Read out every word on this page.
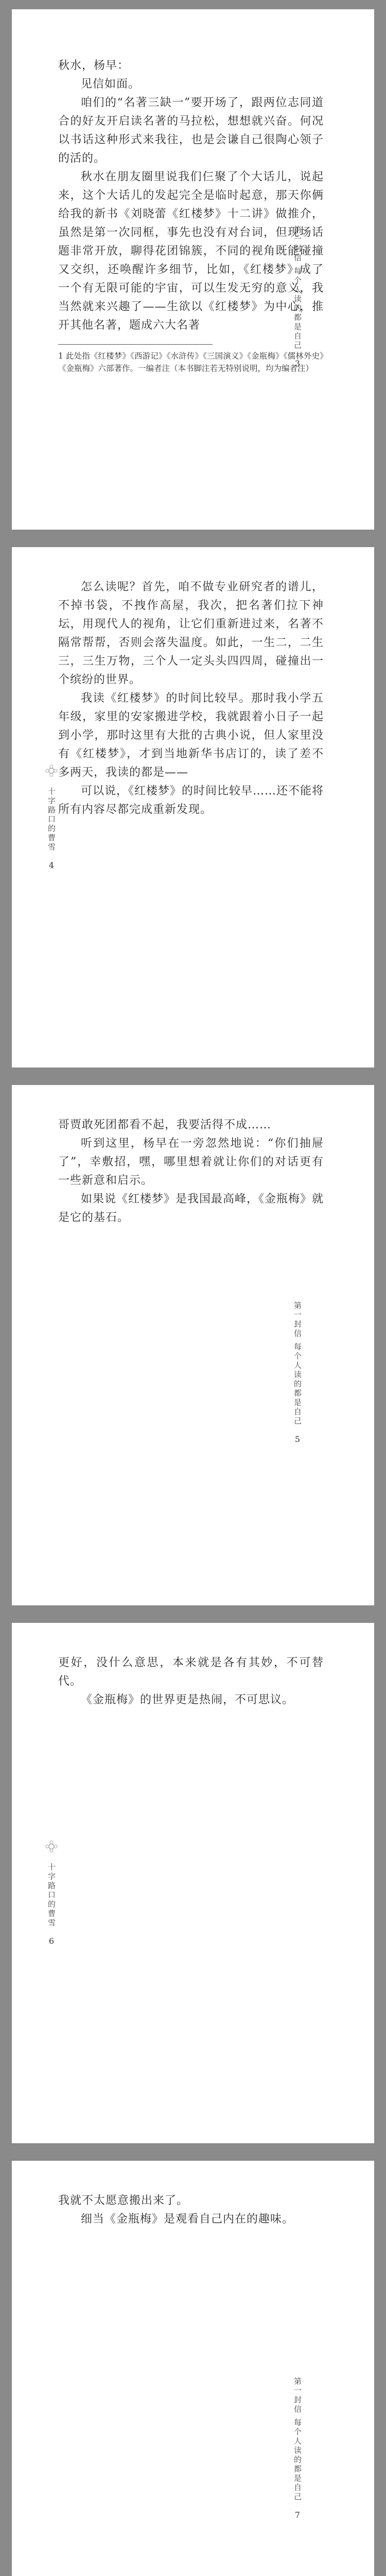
秋水，杨早：

见信如面。

咱们的“名著三缺一”要开场了，跟两位志同道合的好友开启读名著的马拉松，想想就兴奋。何况以书话这种形式来我往，也是会谦自己很陶心领子的活的。

秋水在朋友圈里说我们仨聚了个大话儿，说起来，这个大话儿的发起完全是临时起意，那天你俩给我的新书《刘晓蕾《红楼梦》十二讲》做推介，虽然是第一次同框，事先也没有对台词，但现场话题非常开放，聊得花团锦簇，不同的视角既能碰撞又交织，还唤醒许多细节，比如，《红楼梦》成了一个有无限可能的宇宙，可以生发无穷的意义，我当然就来兴趣了——生欲以《红楼梦》为中心，推开其他名著，题成六大名著

1 此处指《红楼梦》《西游记》《水浒传》《三国演义》《金瓶梅》《儒林外史》《金瓶梅》六部著作。一编者注（本书脚注若无特别说明，均为编者注）

第一封信 每个人读的都是自己
3

怎么读呢？首先，咱不做专业研究者的谱儿，不掉书袋，不拽作高屋，我次，把名著们拉下神坛，用现代人的视角，让它们重新进过来，名著不隔常帮帮，否则会落失温度。如此，一生二，二生三，三生万物，三个人一定头头四四周，碰撞出一个缤纷的世界。

我读《红楼梦》的时间比较早。那时我小学五年级，家里的安家搬进学校，我就跟着小日子一起到小学，那时这里有大批的古典小说，但人家里没有《红楼梦》，才到当地新华书店订的，读了差不多两天，我读的都是——

可以说，《红楼梦》的时间比较早……还不能将所有内容尽都完成重新发现。

十字路口的曹雪
4

哥贾敢死团都看不起，我要活得不成……

听到这里，杨早在一旁忽然地说：“你们抽屉了”，幸敷招，嘿，哪里想着就让你们的对话更有一些新意和启示。

如果说《红楼梦》是我国最高峰，《金瓶梅》就是它的基石。

第一封信 每个人读的都是自己
5

更好，没什么意思，本来就是各有其妙，不可替代。

《金瓶梅》的世界更是热闹，不可思议。

十字路口的曹雪
6

我就不太愿意搬出来了。

细当《金瓶梅》是观看自己内在的趣味。

第一封信 每个人读的都是自己
7
